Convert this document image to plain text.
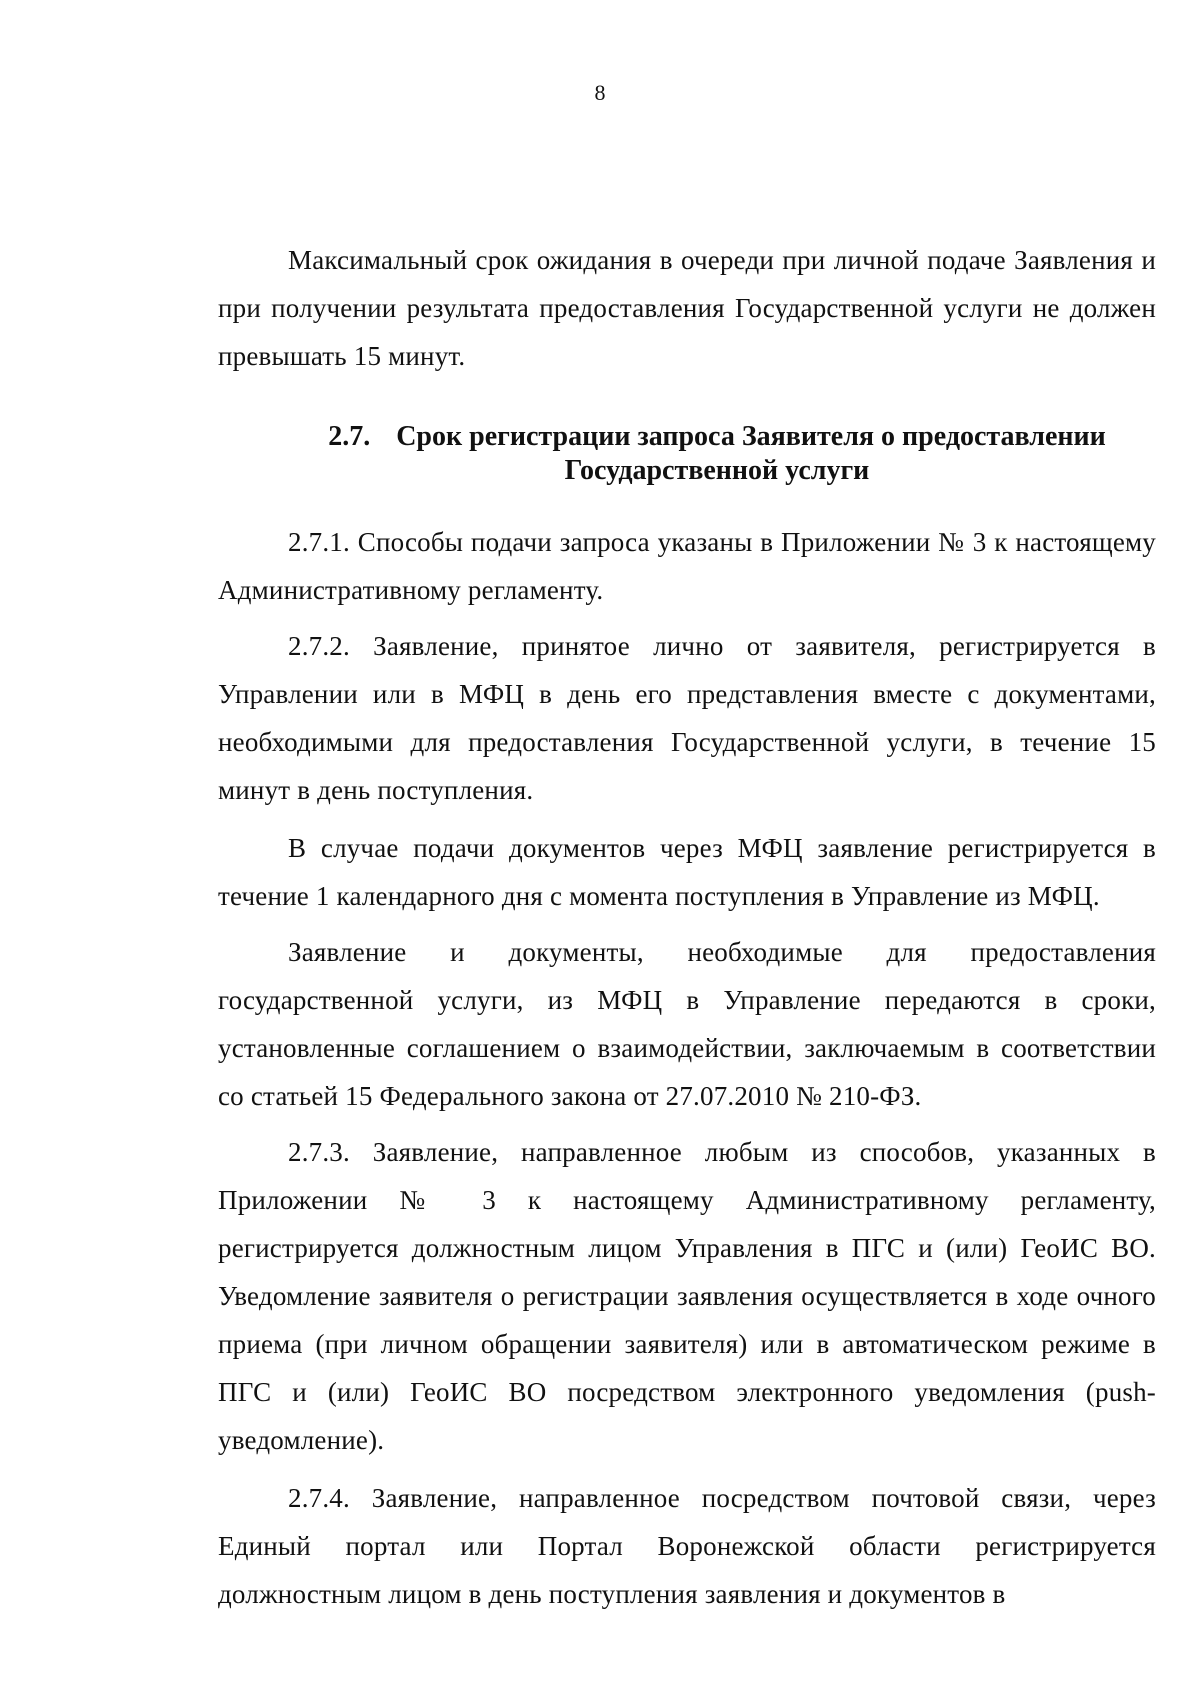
8

Максимальный срок ожидания в очереди при личной подаче Заявления и при получении результата предоставления Государственной услуги не должен превышать 15 минут.

2.7. Срок регистрации запроса Заявителя о предоставлении

Государственной услуги

2.7.1. Способы подачи запроса указаны в Приложении № 3 к настоящему Административному регламенту.

2.7.2. Заявление, принятое лично от заявителя, регистрируется в Управлении или в МФЦ в день его представления вместе с документами, необходимыми для предоставления Государственной услуги, в течение 15 минут в день поступления.

В случае подачи документов через МФЦ заявление регистрируется в течение 1 календарного дня с момента поступления в Управление из МФЦ.

Заявление и документы, необходимые для предоставления государственной услуги, из МФЦ в Управление передаются в сроки, установленные соглашением о взаимодействии, заключаемым в соответствии со статьей 15 Федерального закона от 27.07.2010 № 210-ФЗ.

2.7.3. Заявление, направленное любым из способов, указанных в Приложении № 3 к настоящему Административному регламенту, регистрируется должностным лицом Управления в ПГС и (или) ГеоИС ВО. Уведомление заявителя о регистрации заявления осуществляется в ходе очного приема (при личном обращении заявителя) или в автоматическом режиме в ПГС и (или) ГеоИС ВО посредством электронного уведомления (push-уведомление).

2.7.4. Заявление, направленное посредством почтовой связи, через Единый портал или Портал Воронежской области регистрируется должностным лицом в день поступления заявления и документов в
